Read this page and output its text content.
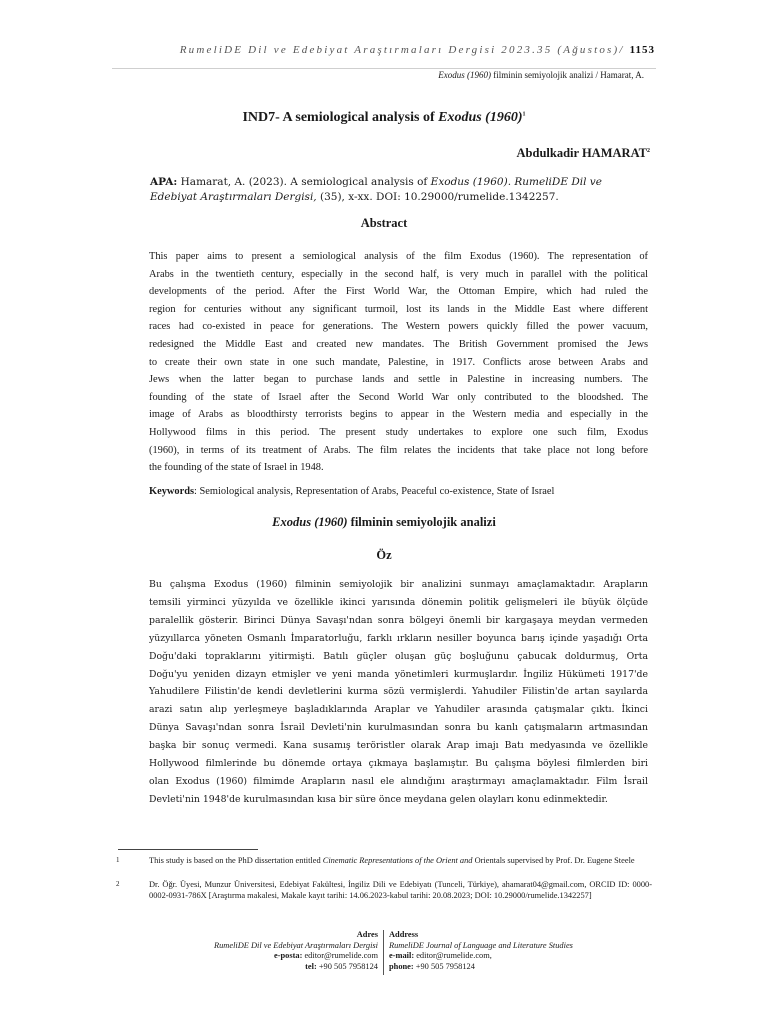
RumeliDE Dil ve Edebiyat Araştırmaları Dergisi 2023.35 (Ağustos)/ 1153
Exodus (1960) filminin semiyolojik analizi / Hamarat, A.
IND7- A semiological analysis of Exodus $(1960)^1$
Abdulkadir HAMARAT$^2$
APA: Hamarat, A. (2023). A semiological analysis of Exodus (1960). RumeliDE Dil ve Edebiyat Araştırmaları Dergisi, (35), x-xx. DOI: 10.29000/rumelide.1342257.
Abstract
This paper aims to present a semiological analysis of the film Exodus (1960). The representation of
Arabs in the twentieth century, especially in the second half, is very much in parallel with the political
developments of the period. After the First World War, the Ottoman Empire, which had ruled the
region for centuries without any significant turmoil, lost its lands in the Middle East where different
races had co-existed in peace for generations. The Western powers quickly filled the power vacuum,
redesigned the Middle East and created new mandates. The British Government promised the Jews
to create their own state in one such mandate, Palestine, in 1917. Conflicts arose between Arabs and
Jews when the latter began to purchase lands and settle in Palestine in increasing numbers. The
founding of the state of Israel after the Second World War only contributed to the bloodshed. The
image of Arabs as bloodthirsty terrorists begins to appear in the Western media and especially in the
Hollywood films in this period. The present study undertakes to explore one such film, Exodus
(1960), in terms of its treatment of Arabs. The film relates the incidents that take place not long before
the founding of the state of Israel in 1948.
Keywords: Semiological analysis, Representation of Arabs, Peaceful co-existence, State of Israel
Exodus (1960) filminin semiyolojik analizi
Öz
Bu çalışma Exodus (1960) filminin semiyolojik bir analizini sunmayı amaçlamaktadır. Arapların
temsili yirminci yüzyılda ve özellikle ikinci yarısında dönemin politik gelişmeleri ile büyük ölçüde
paralellik gösterir. Birinci Dünya Savaşı'ndan sonra bölgeyi önemli bir kargaşaya meydan vermeden
yüzyıllarca yöneten Osmanlı İmparatorluğu, farklı ırkların nesiller boyunca barış içinde yaşadığı Orta
Doğu'daki topraklarını yitirmişti. Batılı güçler oluşan güç boşluğunu çabucak doldurmuş, Orta
Doğu'yu yeniden dizayn etmişler ve yeni manda yönetimleri kurmuşlardır. İngiliz Hükümeti 1917'de
Yahudilere Filistin'de kendi devletlerini kurma sözü vermişlerdi. Yahudiler Filistin'de artan sayılarda
arazi satın alıp yerleşmeye başladıklarında Araplar ve Yahudiler arasında çatışmalar çıktı. İkinci
Dünya Savaşı'ndan sonra İsrail Devleti'nin kurulmasından sonra bu kanlı çatışmaların artmasından
başka bir sonuç vermedi. Kana susamış teröristler olarak Arap imajı Batı medyasında ve özellikle
Hollywood filmlerinde bu dönemde ortaya çıkmaya başlamıştır. Bu çalışma böylesi filmlerden biri
olan Exodus (1960) filmimde Arapların nasıl ele alındığını araştırmayı amaçlamaktadır. Film İsrail
Devleti'nin 1948'de kurulmasından kısa bir süre önce meydana gelen olayları konu edinmektedir.
1	This study is based on the PhD dissertation entitled Cinematic Representations of the Orient and Orientals supervised by Prof. Dr. Eugene Steele
2	Dr. Öğr. Üyesi, Munzur Üniversitesi, Edebiyat Fakültesi, İngiliz Dili ve Edebiyatı (Tunceli, Türkiye), ahamarat04@gmail.com, ORCID ID: 0000-0002-0931-786X [Araştırma makalesi, Makale kayıt tarihi: 14.06.2023-kabul tarihi: 20.08.2023; DOI: 10.29000/rumelide.1342257]
Adres
RumeliDE Dil ve Edebiyat Araştırmaları Dergisi
e-posta: editor@rumelide.com
tel: +90 505 7958124
Address
RumeliDE Journal of Language and Literature Studies
e-mail: editor@rumelide.com,
phone: +90 505 7958124
